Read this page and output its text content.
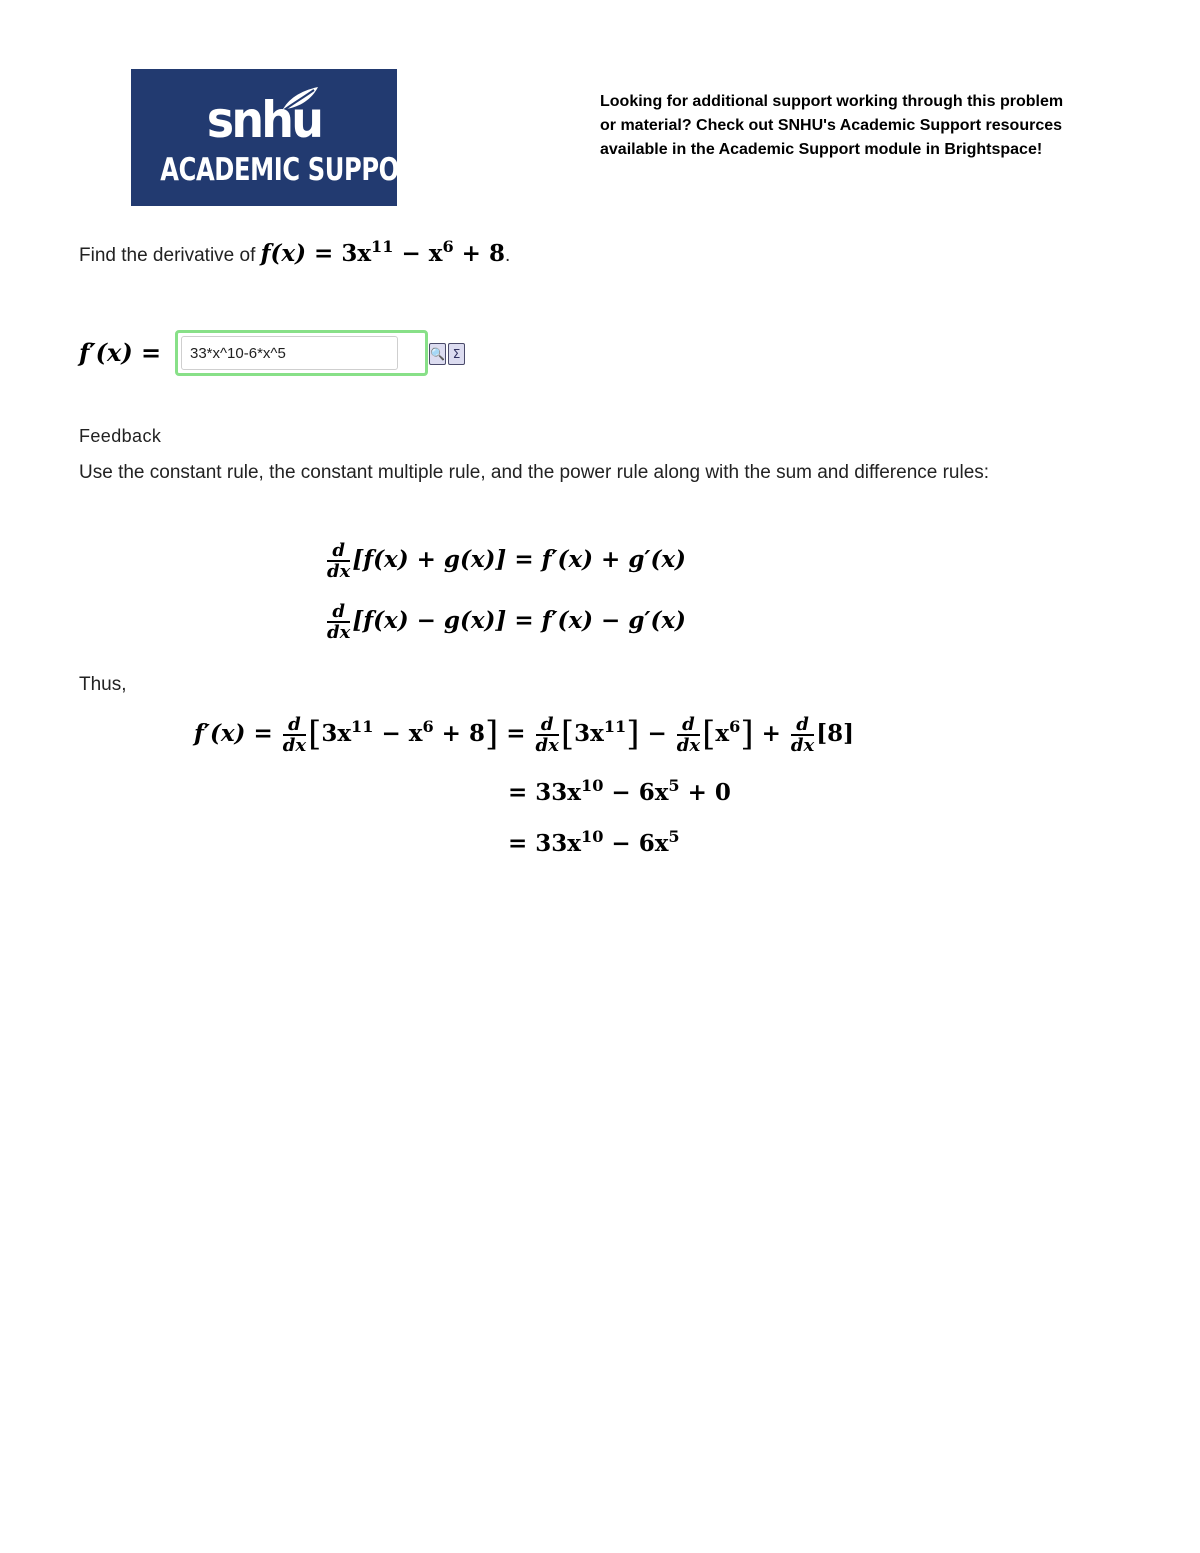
snhu
ACADEMIC SUPPORT
Looking for additional support working through this problem or material? Check out SNHU's Academic Support resources available in the Academic Support module in Brightspace!
Find the derivative of $f(x) = 3x^{11} - x^6 + 8$.
f′(x) =
33*x^10-6*x^5	🔍 Σ
Feedback
Use the constant rule, the constant multiple rule, and the power rule along with the sum and difference rules:
$\frac{d}{dx} [f(x) + g(x)] = f'(x) + g'(x)$
$\frac{d}{dx} [f(x) - g(x)] = f'(x) - g'(x)$
Thus,
$f'(x) = \frac{d}{dx} [3x^{11} - x^6 + 8] = \frac{d}{dx} [3x^{11}] - \frac{d}{dx} [x^6] + \frac{d}{dx} [8]$
= $33x^{10} - 6x^5 + 0$
= $33x^{10} - 6x^5$
